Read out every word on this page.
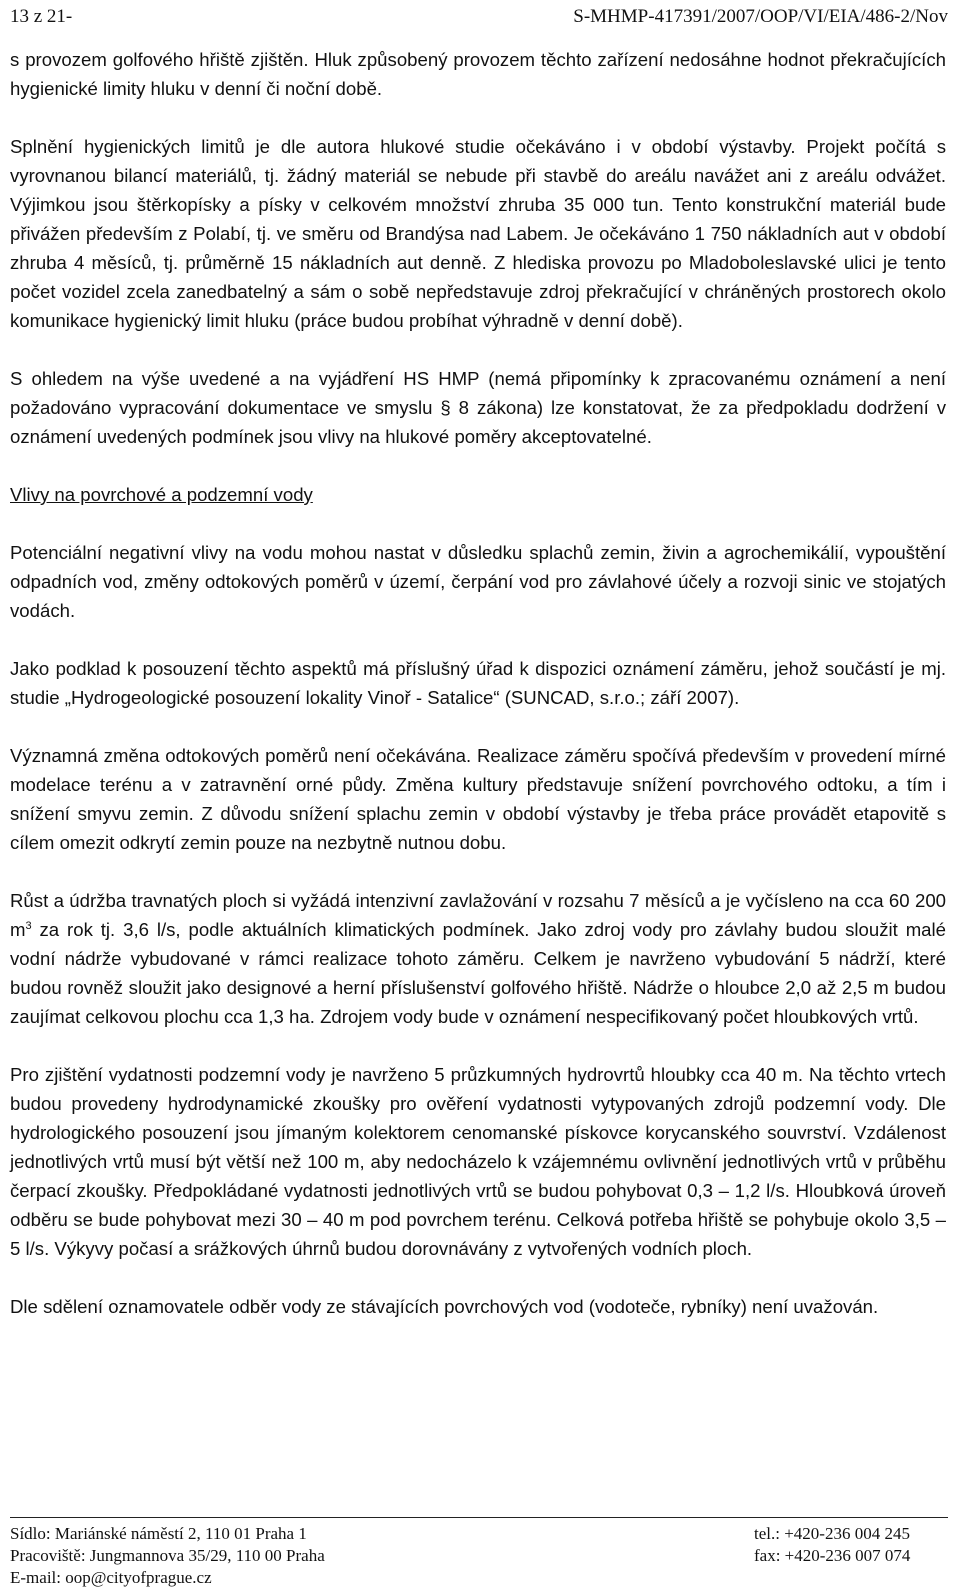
13 z 21-	S-MHMP-417391/2007/OOP/VI/EIA/486-2/Nov

s provozem golfového hřiště zjištěn. Hluk způsobený provozem těchto zařízení nedosáhne hodnot překračujících hygienické limity hluku v denní či noční době.

Splnění hygienických limitů je dle autora hlukové studie očekáváno i v období výstavby. Projekt počítá s vyrovnanou bilancí materiálů, tj. žádný materiál se nebude při stavbě do areálu navážet ani z areálu odvážet. Výjimkou jsou štěrkopísky a písky v celkovém množství zhruba 35 000 tun. Tento konstrukční materiál bude přivážen především z Polabí, tj. ve směru od Brandýsa nad Labem. Je očekáváno 1 750 nákladních aut v období zhruba 4 měsíců, tj. průměrně 15 nákladních aut denně. Z hlediska provozu po Mladoboleslavské ulici je tento počet vozidel zcela zanedbatelný a sám o sobě nepředstavuje zdroj překračující v chráněných prostorech okolo komunikace hygienický limit hluku (práce budou probíhat výhradně v denní době).

S ohledem na výše uvedené a na vyjádření HS HMP (nemá připomínky k zpracovanému oznámení a není požadováno vypracování dokumentace ve smyslu § 8 zákona) lze konstatovat, že za předpokladu dodržení v oznámení uvedených podmínek jsou vlivy na hlukové poměry akceptovatelné.

Vlivy na povrchové a podzemní vody

Potenciální negativní vlivy na vodu mohou nastat v důsledku splachů zemin, živin a agrochemikálií, vypouštění odpadních vod, změny odtokových poměrů v území, čerpání vod pro závlahové účely a rozvoji sinic ve stojatých vodách.

Jako podklad k posouzení těchto aspektů má příslušný úřad k dispozici oznámení záměru, jehož součástí je mj. studie „Hydrogeologické posouzení lokality Vinoř - Satalice“ (SUNCAD, s.r.o.; září 2007).

Významná změna odtokových poměrů není očekávána. Realizace záměru spočívá především v provedení mírné modelace terénu a v zatravnění orné půdy. Změna kultury představuje snížení povrchového odtoku, a tím i snížení smyvu zemin. Z důvodu snížení splachu zemin v období výstavby je třeba práce provádět etapovitě s cílem omezit odkrytí zemin pouze na nezbytně nutnou dobu.

Růst a údržba travnatých ploch si vyžádá intenzivní zavlažování v rozsahu 7 měsíců a je vyčísleno na cca 60 200 $m^3$ za rok tj. 3,6 l/s, podle aktuálních klimatických podmínek. Jako zdroj vody pro závlahy budou sloužit malé vodní nádrže vybudované v rámci realizace tohoto záměru. Celkem je navrženo vybudování 5 nádrží, které budou rovněž sloužit jako designové a herní příslušenství golfového hřiště. Nádrže o hloubce 2,0 až 2,5 m budou zaujímat celkovou plochu cca 1,3 ha. Zdrojem vody bude v oznámení nespecifikovaný počet hloubkových vrtů.

Pro zjištění vydatnosti podzemní vody je navrženo 5 průzkumných hydrovrtů hloubky cca 40 m. Na těchto vrtech budou provedeny hydrodynamické zkoušky pro ověření vydatnosti vytypovaných zdrojů podzemní vody. Dle hydrologického posouzení jsou jímaným kolektorem cenomanské pískovce korycanského souvrství. Vzdálenost jednotlivých vrtů musí být větší než 100 m, aby nedocházelo k vzájemnému ovlivnění jednotlivých vrtů v průběhu čerpací zkoušky. Předpokládané vydatnosti jednotlivých vrtů se budou pohybovat 0,3 – 1,2 l/s. Hloubková úroveň odběru se bude pohybovat mezi 30 – 40 m pod povrchem terénu. Celková potřeba hřiště se pohybuje okolo 3,5 – 5 l/s. Výkyvy počasí a srážkových úhrnů budou dorovnávány z vytvořených vodních ploch.

Dle sdělení oznamovatele odběr vody ze stávajících povrchových vod (vodoteče, rybníky) není uvažován.

Sídlo: Mariánské náměstí 2, 110 01 Praha 1
Pracoviště: Jungmannova 35/29, 110 00 Praha
E-mail: oop@cityofprague.cz
tel.: +420-236 004 245
fax: +420-236 007 074
